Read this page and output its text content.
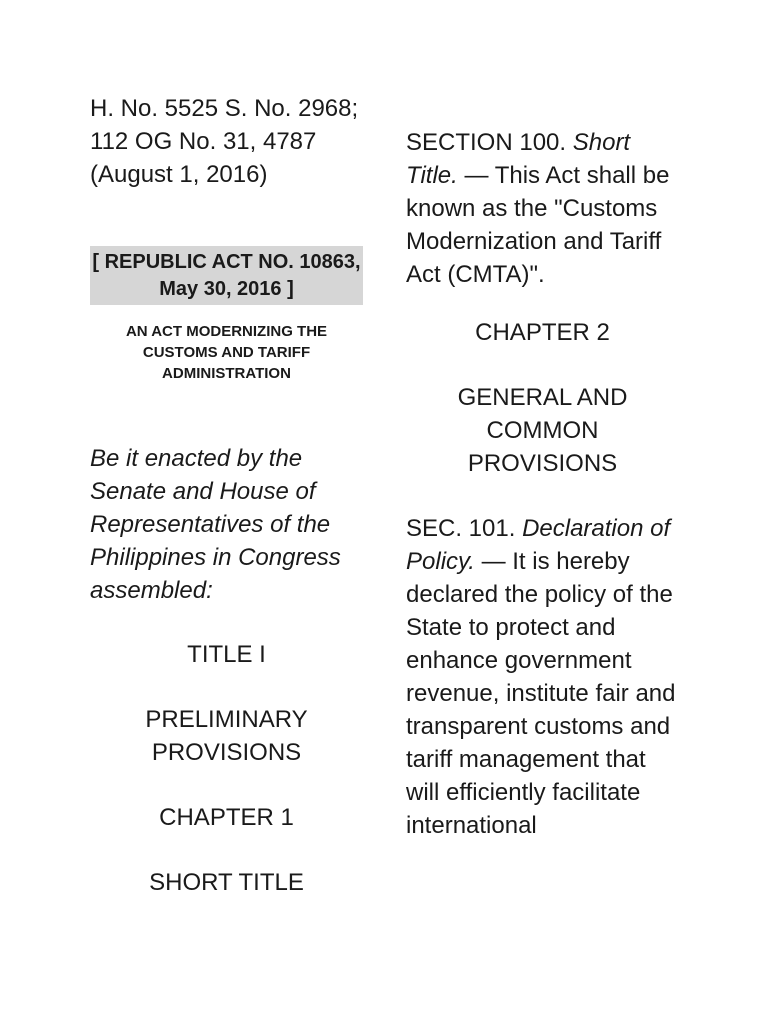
H. No. 5525 S. No. 2968; 112 OG No. 31, 4787 (August 1, 2016)

[ REPUBLIC ACT NO. 10863, May 30, 2016 ]
AN ACT MODERNIZING THE CUSTOMS AND TARIFF ADMINISTRATION
Be it enacted by the Senate and House of Representatives of the Philippines in Congress assembled:
TITLE I
PRELIMINARY PROVISIONS
CHAPTER 1
SHORT TITLE

SECTION 100. Short Title. — This Act shall be known as the "Customs Modernization and Tariff Act (CMTA)".

CHAPTER 2
GENERAL AND COMMON PROVISIONS

SEC. 101. Declaration of Policy. — It is hereby declared the policy of the State to protect and enhance government revenue, institute fair and transparent customs and tariff management that will efficiently facilitate international
